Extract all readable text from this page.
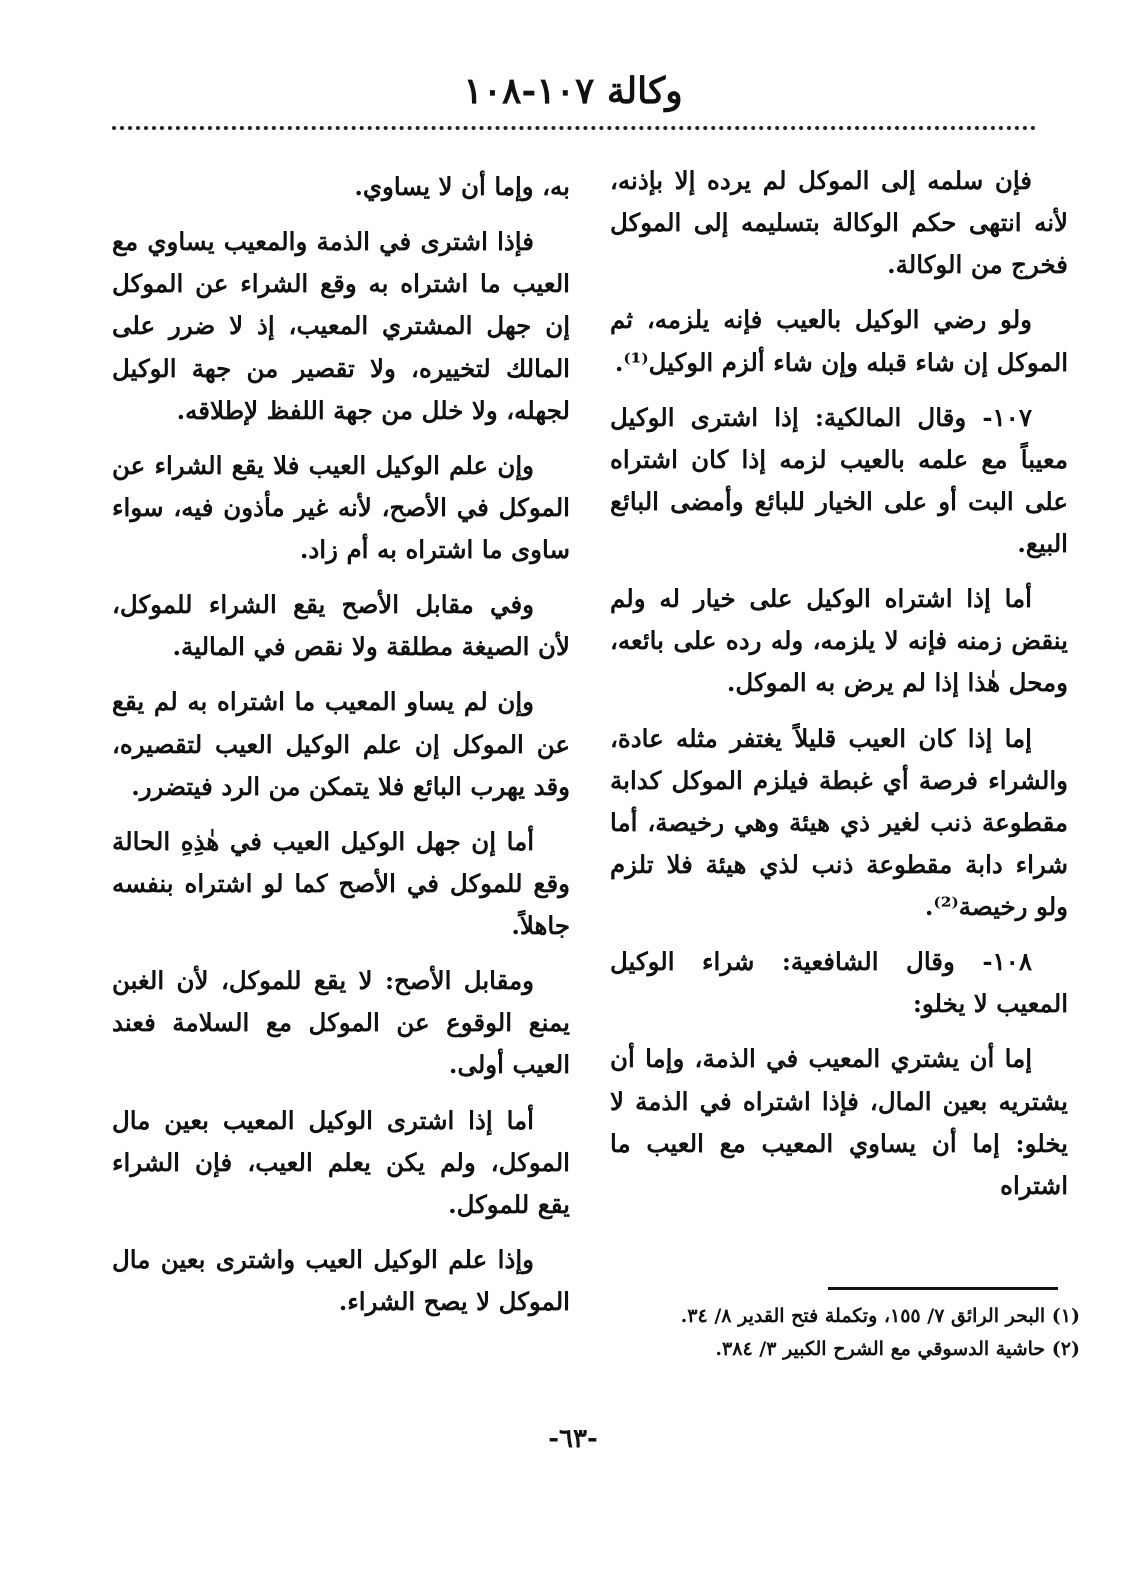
وكالة ١٠٧-١٠٨

فإن سلمه إلى الموكل لم يرده إلا بإذنه، لأنه انتهى حكم الوكالة بتسليمه إلى الموكل فخرج من الوكالة.

ولو رضي الوكيل بالعيب فإنه يلزمه، ثم الموكل إن شاء قبله وإن شاء ألزم الوكيل⁽¹⁾.

١٠٧- وقال المالكية: إذا اشترى الوكيل معيباً مع علمه بالعيب لزمه إذا كان اشتراه على البت أو على الخيار للبائع وأمضى البائع البيع.

أما إذا اشتراه الوكيل على خيار له ولم ينقض زمنه فإنه لا يلزمه، وله رده على بائعه، ومحل هٰذا إذا لم يرض به الموكل.

إما إذا كان العيب قليلاً يغتفر مثله عادة، والشراء فرصة أي غبطة فيلزم الموكل كدابة مقطوعة ذنب لغير ذي هيئة وهي رخيصة، أما شراء دابة مقطوعة ذنب لذي هيئة فلا تلزم ولو رخيصة⁽²⁾.

١٠٨- وقال الشافعية: شراء الوكيل المعيب لا يخلو:

إما أن يشتري المعيب في الذمة، وإما أن يشتريه بعين المال، فإذا اشتراه في الذمة لا يخلو: إما أن يساوي المعيب مع العيب ما اشتراه

به، وإما أن لا يساوي.

فإذا اشترى في الذمة والمعيب يساوي مع العيب ما اشتراه به وقع الشراء عن الموكل إن جهل المشتري المعيب، إذ لا ضرر على المالك لتخييره، ولا تقصير من جهة الوكيل لجهله، ولا خلل من جهة اللفظ لإطلاقه.

وإن علم الوكيل العيب فلا يقع الشراء عن الموكل في الأصح، لأنه غير مأذون فيه، سواء ساوى ما اشتراه به أم زاد.

وفي مقابل الأصح يقع الشراء للموكل، لأن الصيغة مطلقة ولا نقص في المالية.

وإن لم يساو المعيب ما اشتراه به لم يقع عن الموكل إن علم الوكيل العيب لتقصيره، وقد يهرب البائع فلا يتمكن من الرد فيتضرر.

أما إن جهل الوكيل العيب في هٰذِهِ الحالة وقع للموكل في الأصح كما لو اشتراه بنفسه جاهلاً.

ومقابل الأصح: لا يقع للموكل، لأن الغبن يمنع الوقوع عن الموكل مع السلامة فعند العيب أولى.

أما إذا اشترى الوكيل المعيب بعين مال الموكل، ولم يكن يعلم العيب، فإن الشراء يقع للموكل.

وإذا علم الوكيل العيب واشترى بعين مال الموكل لا يصح الشراء.	(١) البحر الرائق ٧/ ١٥٥، وتكملة فتح القدير ٨/ ٣٤.

(٢) حاشية الدسوقي مع الشرح الكبير ٣/ ٣٨٤.

-٦٣-
